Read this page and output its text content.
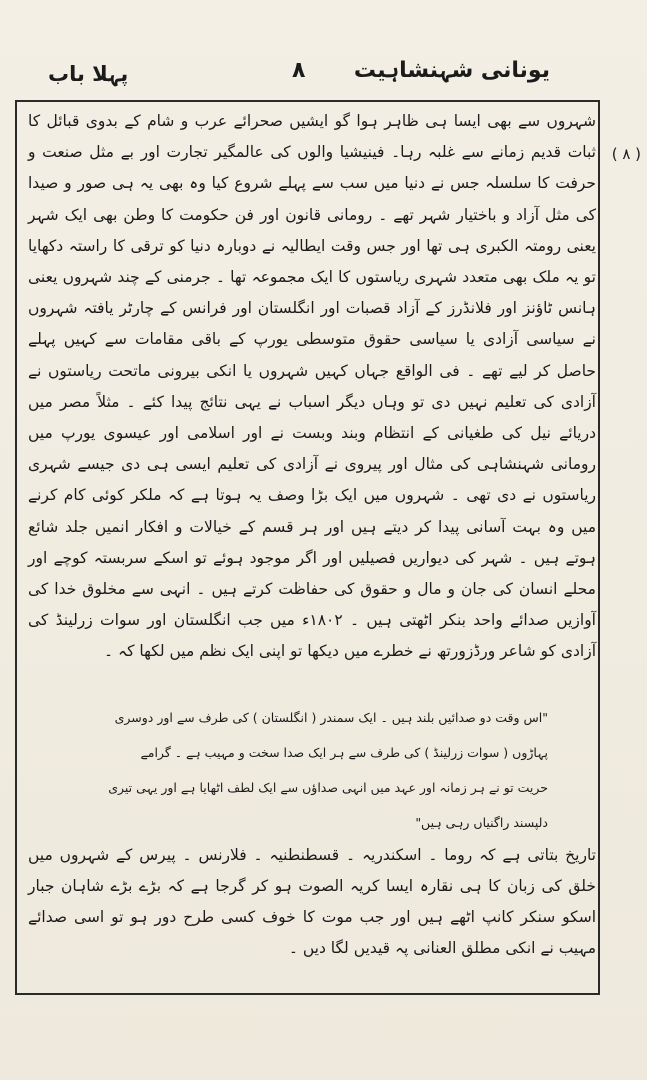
یونانی شہنشاہیت
۸
پہلا باب
( ۸ )

شہروں سے بھی ایسا ہی ظاہر ہوا گو ایشیں صحرائے عرب و شام کے بدوی قبائل کا ثبات قدیم زمانے سے غلبہ رہا۔ فینیشیا والوں کی عالمگیر تجارت اور بے مثل صنعت و حرفت کا سلسلہ جس نے دنیا میں سب سے پہلے شروع کیا وہ بھی یہ ہی صور و صیدا کی مثل آزاد و باختیار شہر تھے ۔ رومانی قانون اور فن حکومت کا وطن بھی ایک شہر یعنی رومتہ الکبری ہی تھا اور جس وقت ایطالیہ نے دوبارہ دنیا کو ترقی کا راستہ دکھایا تو یہ ملک بھی متعدد شہری ریاستوں کا ایک مجموعہ تھا ۔ جرمنی کے چند شہروں یعنی ہانس ٹاؤنز اور فلانڈرز کے آزاد قصبات اور انگلستان اور فرانس کے چارٹر یافتہ شہروں نے سیاسی آزادی یا سیاسی حقوق متوسطی یورپ کے باقی مقامات سے کہیں پہلے حاصل کر لیے تھے ۔ فی الواقع جہاں کہیں شہروں یا انکی بیرونی ماتحت ریاستوں نے آزادی کی تعلیم نہیں دی تو وہاں دیگر اسباب نے یہی نتائج پیدا کئے ۔ مثلاً مصر میں دریائے نیل کی طغیانی کے انتظام وبند وبست نے اور اسلامی اور عیسوی یورپ میں رومانی شہنشاہی کی مثال اور پیروی نے آزادی کی تعلیم ایسی ہی دی جیسے شہری ریاستوں نے دی تھی ۔ شہروں میں ایک بڑا وصف یہ ہوتا ہے کہ ملکر کوئی کام کرنے میں وہ بہت آسانی پیدا کر دیتے ہیں اور ہر قسم کے خیالات و افکار انمیں جلد شائع ہوتے ہیں ۔ شہر کی دیواریں فصیلیں اور اگر موجود ہوئے تو اسکے سربستہ کوچے اور محلے انسان کی جان و مال و حقوق کی حفاظت کرتے ہیں ۔ انہی سے مخلوق خدا کی آوازیں صدائے واحد بنکر اٹھتی ہیں ۔ ۱۸۰۲ء میں جب انگلستان اور سوات زرلینڈ کی آزادی کو شاعر ورڈزورتھ نے خطرے میں دیکھا تو اپنی ایک نظم میں لکھا کہ ۔

"اس وقت دو صدائیں بلند ہیں ۔ ایک سمندر ( انگلستان ) کی طرف سے اور دوسری

پہاڑوں ( سوات زرلینڈ ) کی طرف سے ہر ایک صدا سخت و مہیب ہے ۔ گرامے

حریت تو نے ہر زمانہ اور عہد میں انہی صداؤں سے ایک لطف اٹھایا ہے اور یہی تیری

دلپسند راگنیاں رہی ہیں"

تاریخ بتاتی ہے کہ روما ۔ اسکندریہ ۔ قسطنطنیہ ۔ فلارنس ۔ پیرس کے شہروں میں خلق کی زبان کا ہی نقارہ ایسا کریہ الصوت ہو کر گرجا ہے کہ بڑے بڑے شاہان جبار اسکو سنکر کانپ اٹھے ہیں اور جب موت کا خوف کسی طرح دور ہو تو اسی صدائے مہیب نے انکی مطلق العنانی پہ قیدیں لگا دیں ۔
